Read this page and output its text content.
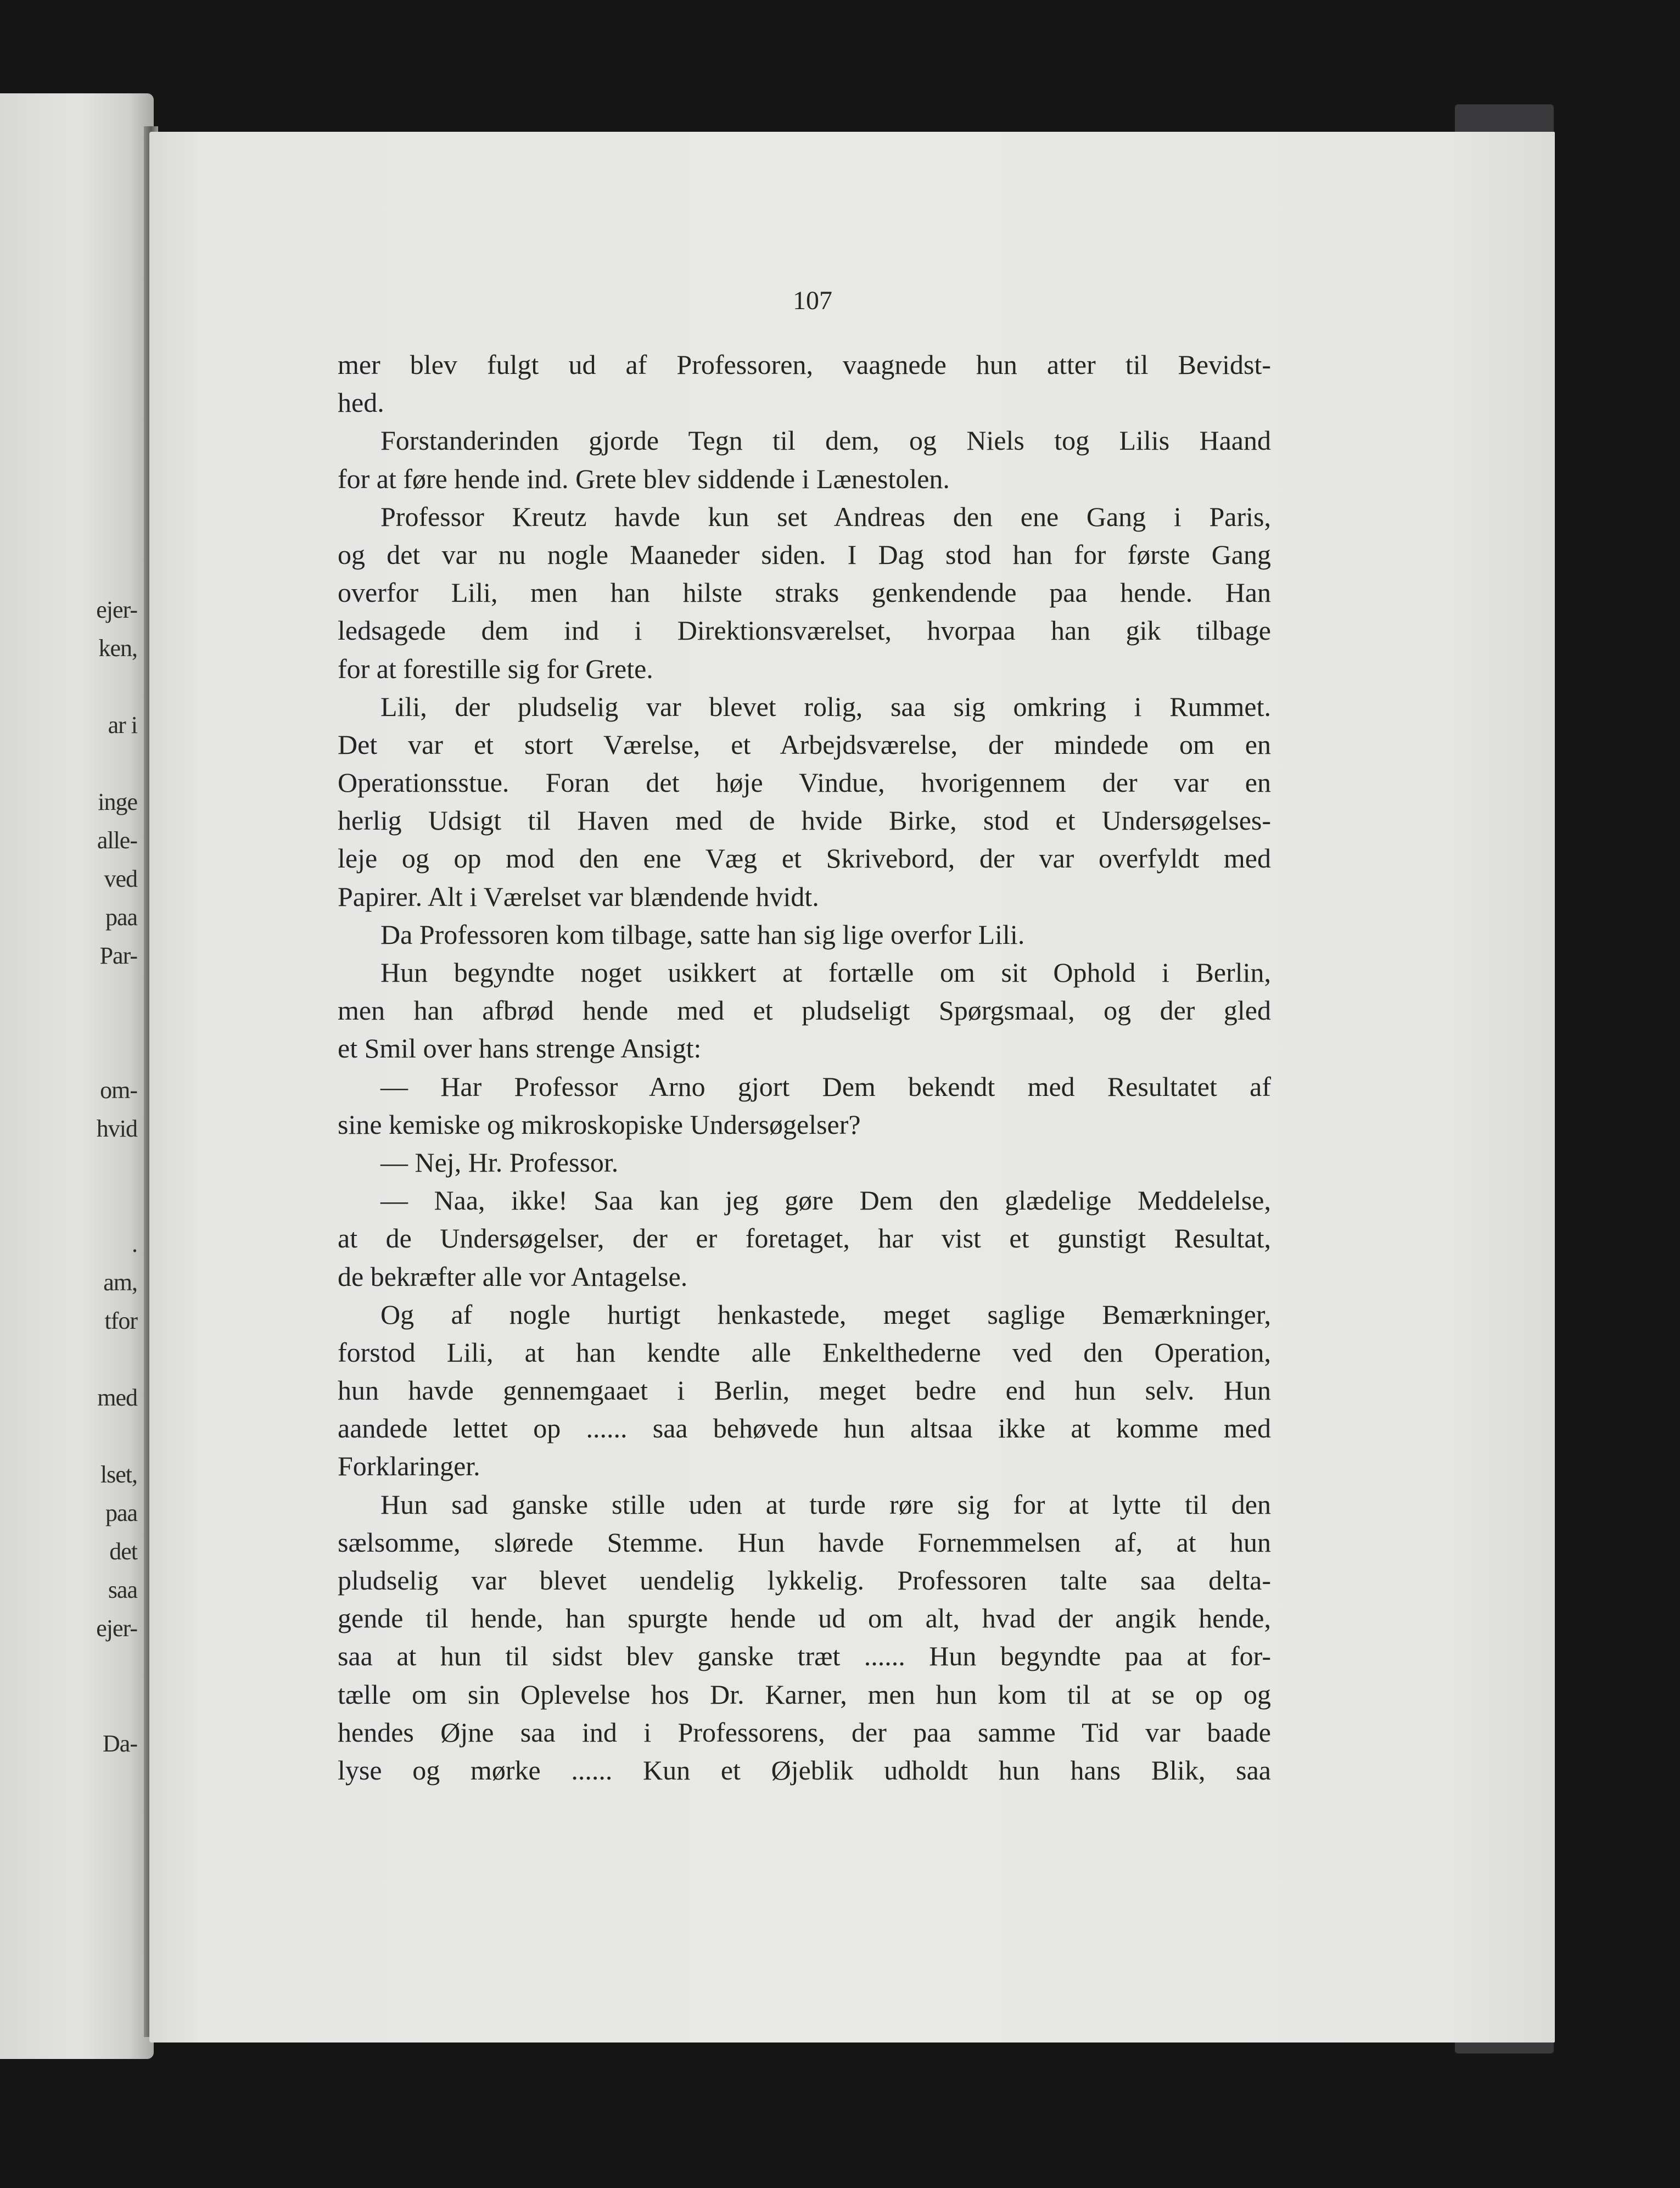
ejer-
ken,
ar i
inge
alle-
ved
paa
Par-
om-
hvid
.
am,
tfor
med
lset,
paa
det
saa
ejer-
Da-
107
mer blev fulgt ud af Professoren, vaagnede hun atter til Bevidst-
hed.
Forstanderinden gjorde Tegn til dem, og Niels tog Lilis Haand
for at føre hende ind. Grete blev siddende i Lænestolen.
Professor Kreutz havde kun set Andreas den ene Gang i Paris,
og det var nu nogle Maaneder siden. I Dag stod han for første Gang
overfor Lili, men han hilste straks genkendende paa hende. Han
ledsagede dem ind i Direktionsværelset, hvorpaa han gik tilbage
for at forestille sig for Grete.
Lili, der pludselig var blevet rolig, saa sig omkring i Rummet.
Det var et stort Værelse, et Arbejdsværelse, der mindede om en
Operationsstue. Foran det høje Vindue, hvorigennem der var en
herlig Udsigt til Haven med de hvide Birke, stod et Undersøgelses-
leje og op mod den ene Væg et Skrivebord, der var overfyldt med
Papirer. Alt i Værelset var blændende hvidt.
Da Professoren kom tilbage, satte han sig lige overfor Lili.
Hun begyndte noget usikkert at fortælle om sit Ophold i Berlin,
men han afbrød hende med et pludseligt Spørgsmaal, og der gled
et Smil over hans strenge Ansigt:
— Har Professor Arno gjort Dem bekendt med Resultatet af
sine kemiske og mikroskopiske Undersøgelser?
— Nej, Hr. Professor.
— Naa, ikke! Saa kan jeg gøre Dem den glædelige Meddelelse,
at de Undersøgelser, der er foretaget, har vist et gunstigt Resultat,
de bekræfter alle vor Antagelse.
Og af nogle hurtigt henkastede, meget saglige Bemærkninger,
forstod Lili, at han kendte alle Enkelthederne ved den Operation,
hun havde gennemgaaet i Berlin, meget bedre end hun selv. Hun
aandede lettet op ...... saa behøvede hun altsaa ikke at komme med
Forklaringer.
Hun sad ganske stille uden at turde røre sig for at lytte til den
sælsomme, slørede Stemme. Hun havde Fornemmelsen af, at hun
pludselig var blevet uendelig lykkelig. Professoren talte saa delta-
gende til hende, han spurgte hende ud om alt, hvad der angik hende,
saa at hun til sidst blev ganske træt ...... Hun begyndte paa at for-
tælle om sin Oplevelse hos Dr. Karner, men hun kom til at se op og
hendes Øjne saa ind i Professorens, der paa samme Tid var baade
lyse og mørke ...... Kun et Øjeblik udholdt hun hans Blik, saa
